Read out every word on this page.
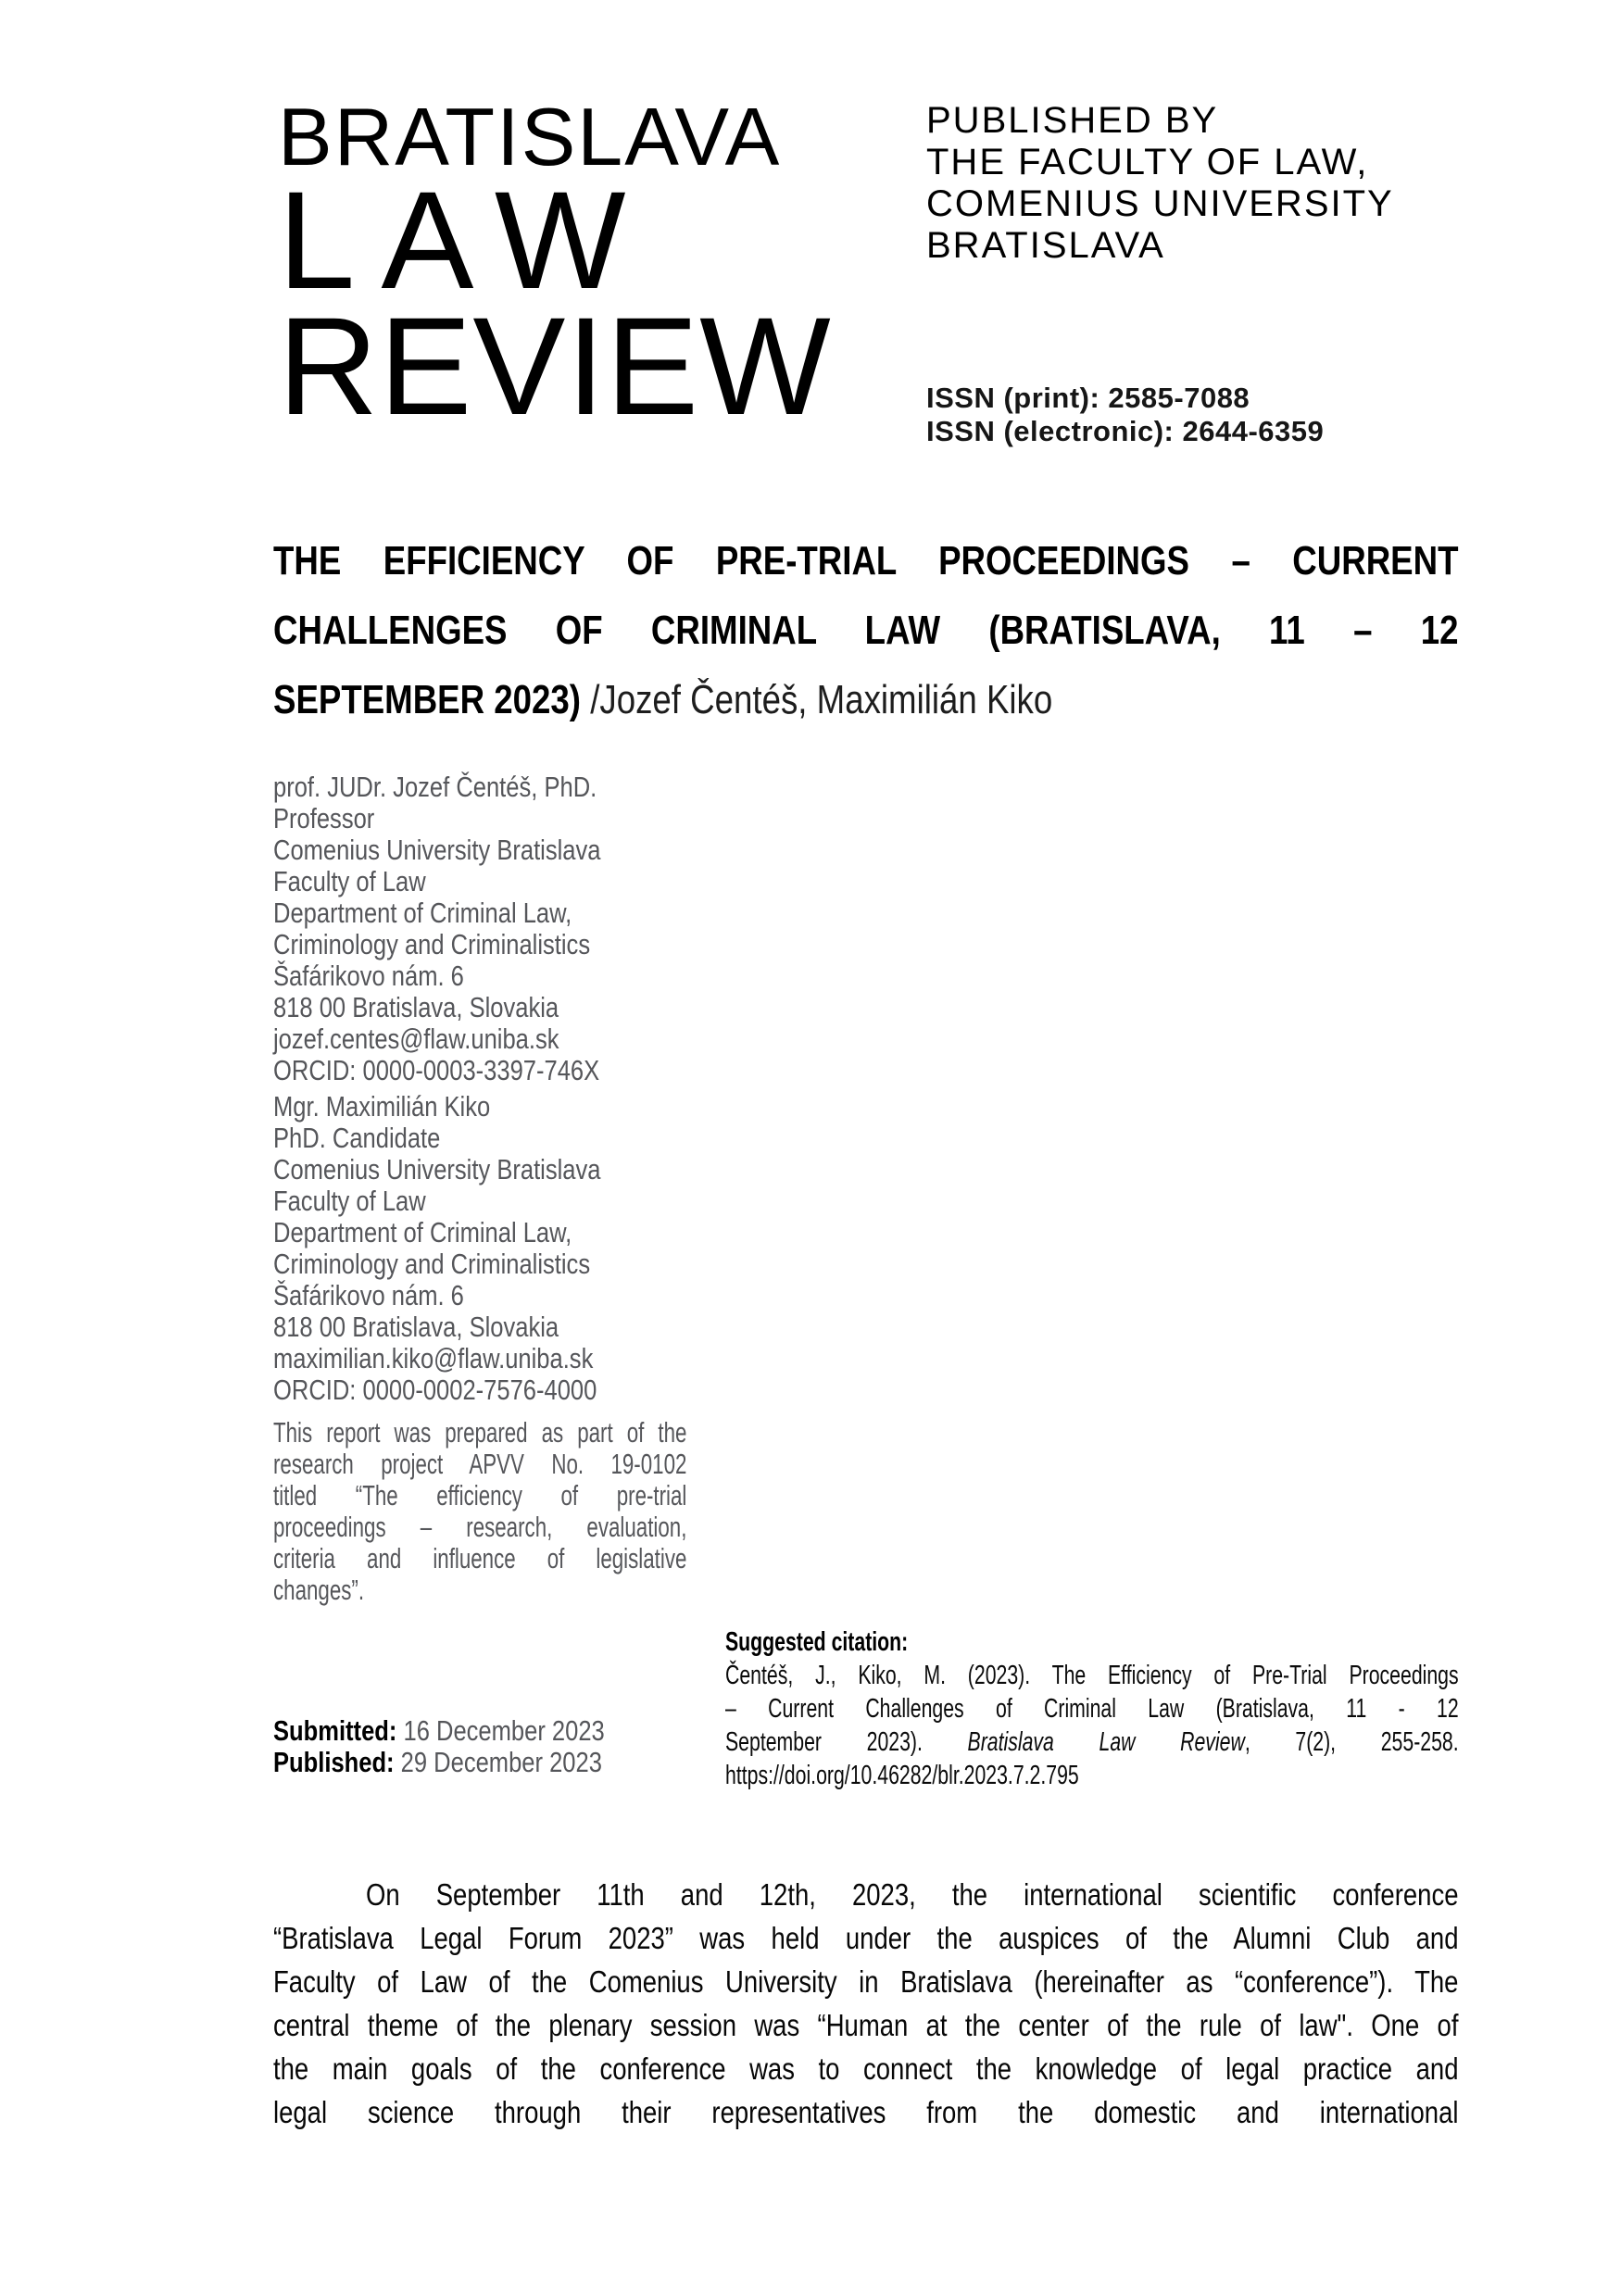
BRATISLAVA
LAW
REVIEW
PUBLISHED BY
THE FACULTY OF LAW,
COMENIUS UNIVERSITY
BRATISLAVA
ISSN (print): 2585-7088
ISSN (electronic): 2644-6359
THE EFFICIENCY OF PRE-TRIAL PROCEEDINGS – CURRENT
CHALLENGES OF CRIMINAL LAW (BRATISLAVA, 11 – 12
SEPTEMBER 2023) /Jozef Čentéš, Maximilián Kiko
prof. JUDr. Jozef Čentéš, PhD.
Professor
Comenius University Bratislava
Faculty of Law
Department of Criminal Law,
Criminology and Criminalistics
Šafárikovo nám. 6
818 00 Bratislava, Slovakia
jozef.centes@flaw.uniba.sk
ORCID: 0000-0003-3397-746X
Mgr. Maximilián Kiko
PhD. Candidate
Comenius University Bratislava
Faculty of Law
Department of Criminal Law,
Criminology and Criminalistics
Šafárikovo nám. 6
818 00 Bratislava, Slovakia
maximilian.kiko@flaw.uniba.sk
ORCID: 0000-0002-7576-4000
This report was prepared as part of the
research project APVV No. 19-0102
titled “The efficiency of pre-trial
proceedings – research, evaluation,
criteria and influence of legislative
changes”.
Submitted: 16 December 2023
Published: 29 December 2023
Suggested citation:
Čentéš, J., Kiko, M. (2023). The Efficiency of Pre-Trial Proceedings
– Current Challenges of Criminal Law (Bratislava, 11 - 12
September 2023). Bratislava Law Review, 7(2), 255-258.
https://doi.org/10.46282/blr.2023.7.2.795
On September 11th and 12th, 2023, the international scientific conference
“Bratislava Legal Forum 2023” was held under the auspices of the Alumni Club and
Faculty of Law of the Comenius University in Bratislava (hereinafter as “conference”). The
central theme of the plenary session was “Human at the center of the rule of law". One of
the main goals of the conference was to connect the knowledge of legal practice and
legal science through their representatives from the domestic and international
